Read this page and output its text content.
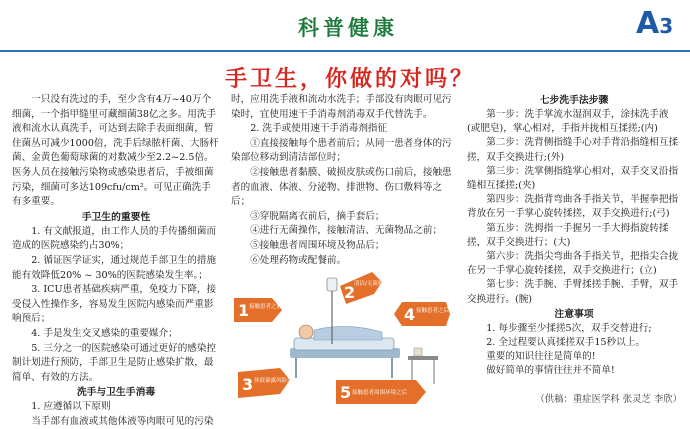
科普健康	A3
手卫生，你做的对吗？

一只没有洗过的手，至少含有4万~40万个细菌，一个指甲缝里可藏细菌38亿之多。用洗手液和流水认真洗手，可达到去除手表面细菌，暂住菌丛可减少1000倍，洗手后绿脓杆菌、大肠杆菌、金黄色葡萄球菌的对数减少至2.2~2.5倍。医务人员在接触污染物或感染患者后，手被细菌污染，细菌可多达109cfu/cm²。可见正确洗手有多重要。

手卫生的重要性

1. 有文献报道，由工作人员的手传播细菌而造成的医院感染约占30%；

2. 循证医学证实，通过规范手部卫生的措施能有效降低20% ~ 30%的医院感染发生率。；

3. ICU患者基础疾病严重，免疫力下降，接受侵入性操作多，容易发生医院内感染而严重影响预后；

4. 手是发生交叉感染的重要媒介；

5. 三分之一的医院感染可通过更好的感染控制计划进行预防，手部卫生是防止感染扩散，最简单、有效的方法。

洗手与卫生手消毒

1. 应遵循以下原则

当手部有血液或其他体液等肉眼可见的污染

时，应用洗手液和流动水洗手；手部没有肉眼可见污染时，宜使用速干手消毒剂消毒双手代替洗手。

2. 洗手或使用速干手消毒剂指征

①直接接触每个患者前后；从同一患者身体的污染部位移动到清洁部位时；

②接触患者黏膜、破损皮肤或伤口前后，接触患者的血液、体液、分泌物、排泄物、伤口敷料等之后；

③穿脱隔离衣前后，摘手套后；

④进行无菌操作，接触清洁、无菌物品之前；

⑤接触患者周围环境及物品后；

⑥处理药物或配餐前。

1 接触患者之前
2
清洁/无菌操作前
4 接触患者之后
3 体液暴露风险后
5 接触患者周围环境之后
七步洗手法步骤

第一步：洗手掌流水湿润双手，涂抹洗手液(或肥皂)，掌心相对，手指并拢相互揉搓;(内)

第二步：洗背侧指缝手心对手背沿指缝相互揉搓，双手交换进行;(外)

第三步：洗掌侧指缝掌心相对，双手交叉沿指缝相互揉搓;(夹)

第四步：洗指背弯曲各手指关节，半握拳把指背放在另一手掌心旋转揉搓，双手交换进行;(弓)

第五步：洗拇指一手握另一手大拇指旋转揉搓，双手交换进行；(大)

第六步：洗指尖弯曲各手指关节，把指尖合拢在另一手掌心旋转揉搓，双手交换进行；(立)

第七步：洗手腕、手臂揉搓手腕、手臂，双手交换进行。(腕)

注意事项

1. 每步骤至少揉搓5次，双手交替进行;

2. 全过程要认真揉搓双手15秒以上。

重要的知识往往是简单的!

做好简单的事情往往并不简单!

（供稿：重症医学科 张灵芝 李欣）
